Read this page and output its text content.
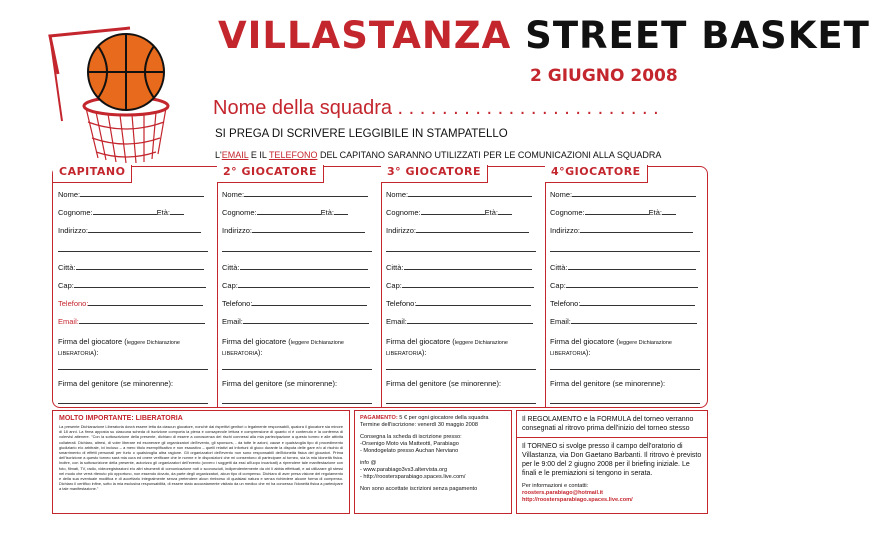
VILLASTANZA STREET BASKET
2 GIUGNO 2008
Nome della squadra . . . . . . . . . . . . . . . . . . . . . . . .
SI PREGA DI SCRIVERE LEGGIBILE IN STAMPATELLO
L'EMAIL E IL TELEFONO DEL CAPITANO SARANNO UTILIZZATI PER LE COMUNICAZIONI ALLA SQUADRA
CAPITANO
Nome:
Cognome:	Età:
Indirizzo:
Città:
Cap:
Telefono:
Email:
Firma del giocatore (leggere Dichiarazione LIBERATORIA):
Firma del genitore (se minorenne):
2° GIOCATORE
Nome:
Cognome:	Età:
Indirizzo:
Città:
Cap:
Telefono:
Email:
Firma del giocatore (leggere Dichiarazione LIBERATORIA):
Firma del genitore (se minorenne):
3° GIOCATORE
Nome:
Cognome:	Età:
Indirizzo:
Città:
Cap:
Telefono:
Email:
Firma del giocatore (leggere Dichiarazione LIBERATORIA):
Firma del genitore (se minorenne):
4°GIOCATORE
Nome:
Cognome:	Età:
Indirizzo:
Città:
Cap:
Telefono:
Email:
Firma del giocatore (leggere Dichiarazione LIBERATORIA):
Firma del genitore (se minorenne):
MOLTO IMPORTANTE: LIBERATORIA

La presente Dichiarazione Liberatoria dovrà essere letta da ciascun giocatore, nonché dai rispettivi genitori o legalmente responsabili, qualora il giocatore sia minore di 18 anni. La firma apposta su ciascuna scheda di iscrizione comporta la piena e consapevole lettura e comprensione di quanto vi è contenuto e la conferma di volervisi attenere. "Con la sottoscrizione della presente, dichiaro di essere a conoscenza dei rischi connessi alla mia partecipazione a questo torneo e alle attività collaterali. Dichiaro, altresì, di voler liberare ed esonerare gli organizzatori dell'evento, gli sponsors, - da tutte le azioni, cause e qualsivoglia tipo di procedimento giudiziario e/o arbitrale, ivi incluso – a mero titolo esemplificativo e non esaustivo – quelli relativi ad infortuni di gioco durante la disputa delle gare e/o al rischio di smarrimento di effetti personali per furto o qualsivoglia altra ragione. Gli organizzatori dell'evento non sono responsabili dell'idoneità fisica dei giocatori. Prima dell'iscrizione a questo torneo sarà mia cura ed onere verificare che le norme e le disposizioni che mi consentono di partecipare al torneo, sia la mia idoneità fisica. Inoltre, con la sottoscrizione della presente, autorizzo gli organizzatori dell'evento (ovvero i soggetti da essi all'uopo incaricati) a riprendere tale manifestazione con foto, filmati, TV, radio, videoregistrazioni e/o altri strumenti di comunicazione noti o sconosciuti, indipendentemente da chi li abbia effettuati, e ad utilizzare gli stessi nel modo che verrà ritenuto più opportuno, non essendo dovuto, da parte degli organizzatori, alcun tipo di compenso. Dichiaro di aver presa visione del regolamento e della sua eventuale modifica e di accettarlo integralmente senza pretendere alcun rimborso di qualsiasi natura e senza richiedere alcune forma di compenso. Dichiaro il certifico infine, sotto la mia esclusiva responsabilità, di essere stato accuratamente visitato da un medico che mi ha concesso l'idoneità fisica a partecipare a tale manifestazione."

PAGAMENTO: 5 € per ogni giocatore della squadra

Termine dell'iscrizione: venerdì 30 maggio 2008

Consegna la scheda di iscrizione presso:

-Orsenigo Moto via Matteotti, Parabiago

- Mondogelato presso Auchan Nerviano

info @

- www.parabiago3vs3.altervista.org

- http://roostersparabiago.spaces.live.com/

Non sono accettate iscrizioni senza pagamento

Il REGOLAMENTO e la FORMULA del torneo verranno consegnati al ritrovo prima dell'inizio del torneo stesso

Il TORNEO si svolge presso il campo dell'oratorio di Villastanza, via Don Gaetano Barbanti. Il ritrovo è previsto per le 9:00 del 2 giugno 2008 per il briefing iniziale. Le finali e le premiazioni si tengono in serata.

Per informazioni e contatti:
roosters.parabiago@hotmail.it
http://roostersparabiago.spaces.live.com/
